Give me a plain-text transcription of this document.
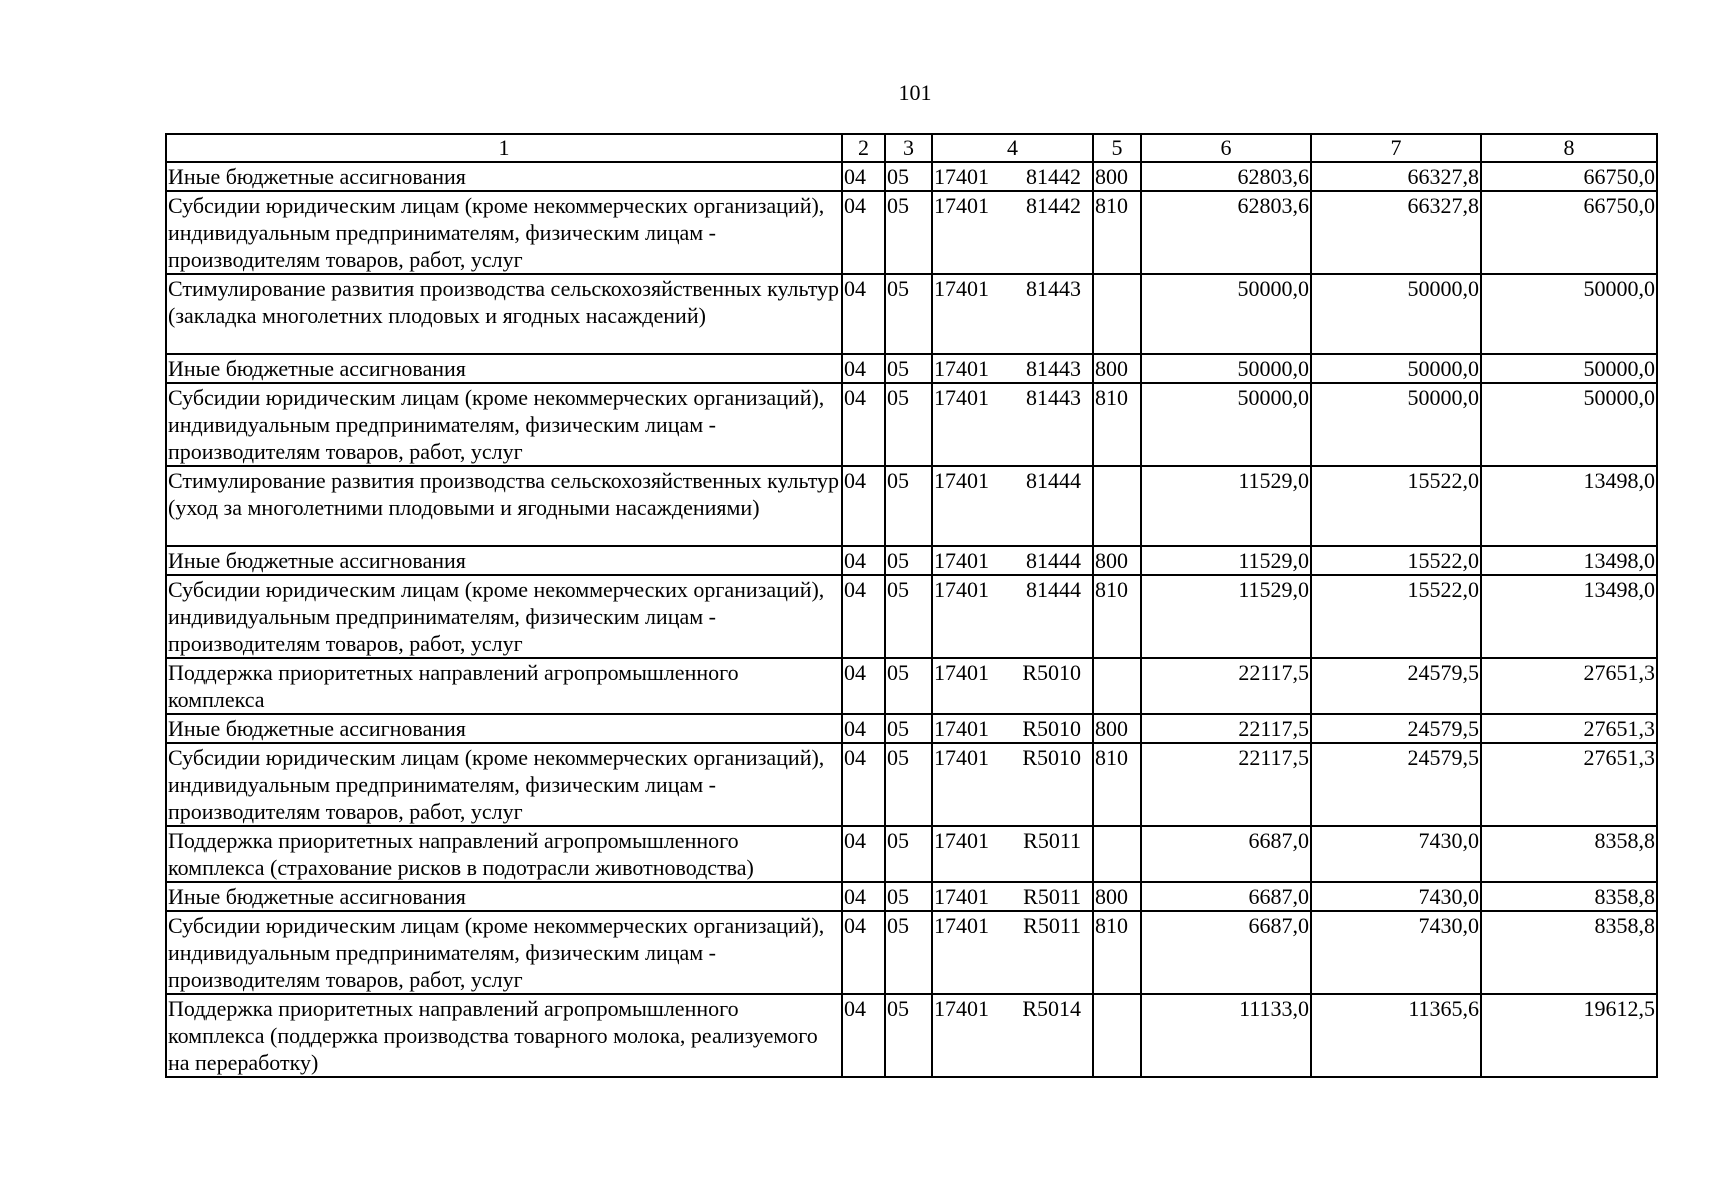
101
1	2	3	4	5	6	7	8
Иные бюджетные ассигнования	04	05	17401 81442	800	62803,6	66327,8	66750,0
Субсидии юридическим лицам (кроме некоммерческих организаций), индивидуальным предпринимателям, физическим лицам - производителям товаров, работ, услуг	04	05	17401 81442	810	62803,6	66327,8	66750,0
Стимулирование развития производства сельскохозяйственных культур (закладка многолетних плодовых и ягодных насаждений)	04	05	17401 81443		50000,0	50000,0	50000,0
Иные бюджетные ассигнования	04	05	17401 81443	800	50000,0	50000,0	50000,0
Субсидии юридическим лицам (кроме некоммерческих организаций), индивидуальным предпринимателям, физическим лицам - производителям товаров, работ, услуг	04	05	17401 81443	810	50000,0	50000,0	50000,0
Стимулирование развития производства сельскохозяйственных культур (уход за многолетними плодовыми и ягодными насаждениями)	04	05	17401 81444		11529,0	15522,0	13498,0
Иные бюджетные ассигнования	04	05	17401 81444	800	11529,0	15522,0	13498,0
Субсидии юридическим лицам (кроме некоммерческих организаций), индивидуальным предпринимателям, физическим лицам - производителям товаров, работ, услуг	04	05	17401 81444	810	11529,0	15522,0	13498,0
Поддержка приоритетных направлений агропромышленного комплекса	04	05	17401 R5010		22117,5	24579,5	27651,3
Иные бюджетные ассигнования	04	05	17401 R5010	800	22117,5	24579,5	27651,3
Субсидии юридическим лицам (кроме некоммерческих организаций), индивидуальным предпринимателям, физическим лицам - производителям товаров, работ, услуг	04	05	17401 R5010	810	22117,5	24579,5	27651,3
Поддержка приоритетных направлений агропромышленного комплекса (страхование рисков в подотрасли животноводства)	04	05	17401 R5011		6687,0	7430,0	8358,8
Иные бюджетные ассигнования	04	05	17401 R5011	800	6687,0	7430,0	8358,8
Субсидии юридическим лицам (кроме некоммерческих организаций), индивидуальным предпринимателям, физическим лицам - производителям товаров, работ, услуг	04	05	17401 R5011	810	6687,0	7430,0	8358,8
Поддержка приоритетных направлений агропромышленного комплекса (поддержка производства товарного молока, реализуемого на переработку)	04	05	17401 R5014		11133,0	11365,6	19612,5
